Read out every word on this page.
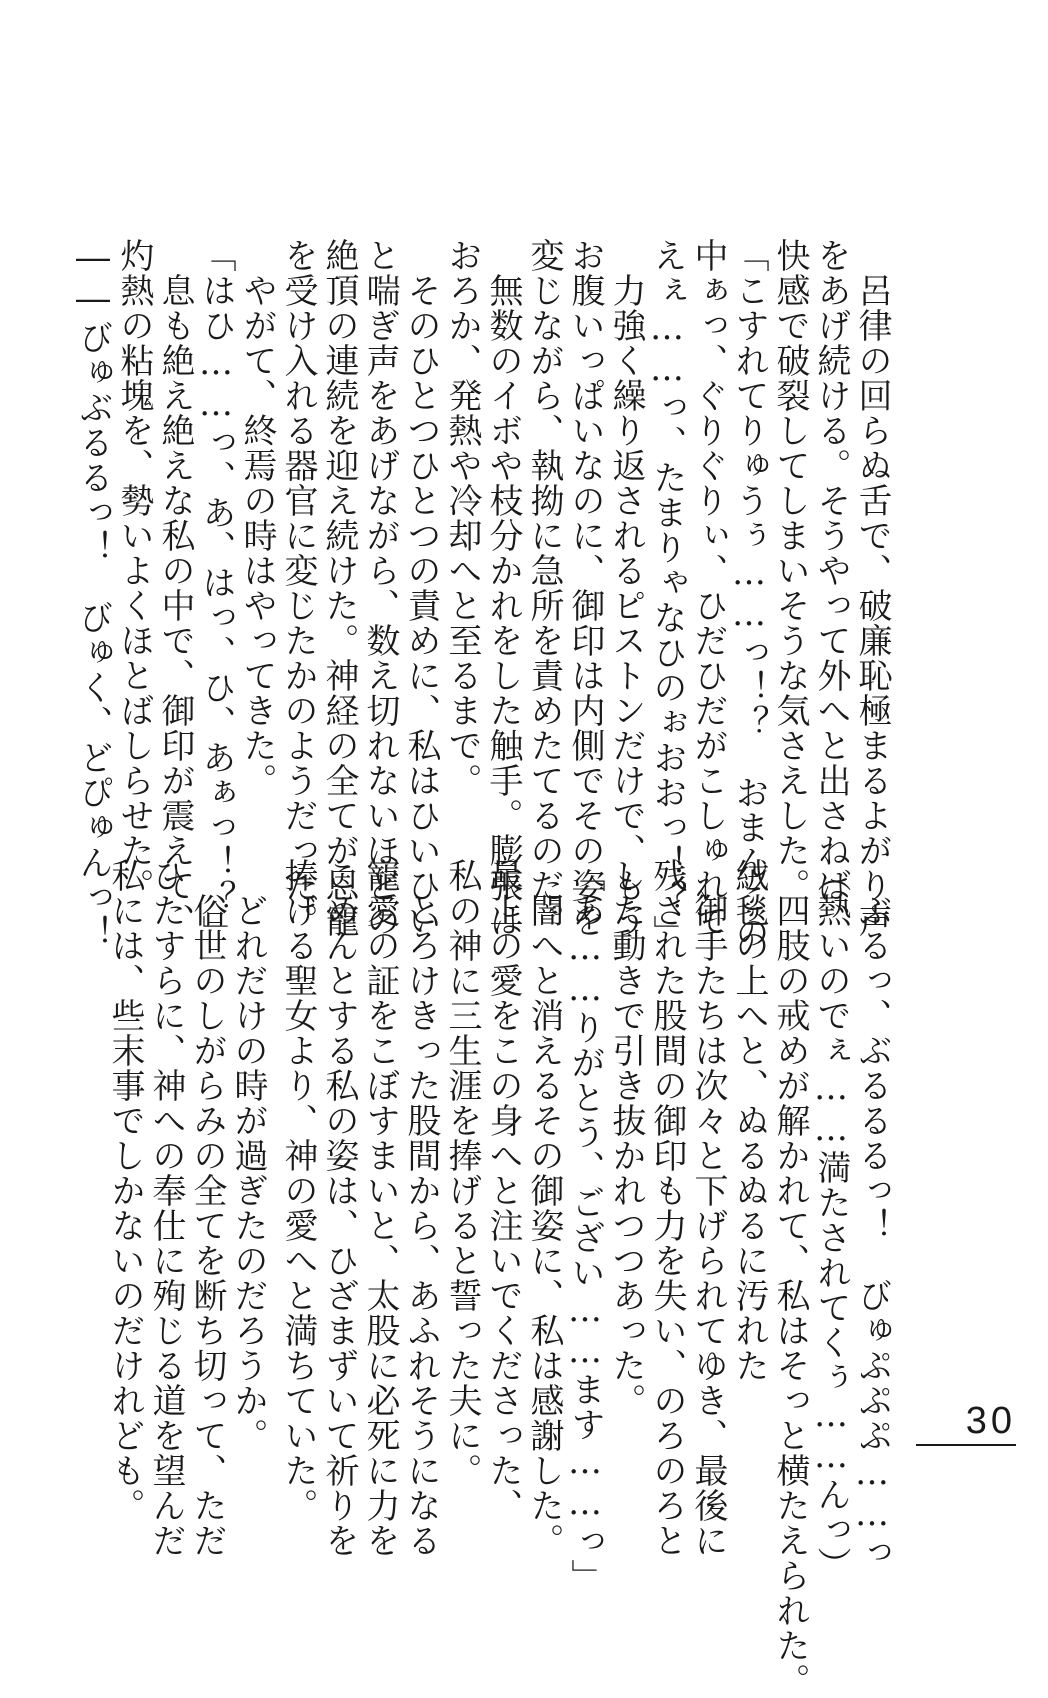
　呂律の回らぬ舌で、破廉恥極まるよがり声
をあげ続ける。そうやって外へと出さねば、
快感で破裂してしまいそうな気さえした。
「こすれてりゅうぅ……っ！？　おまんこの
中ぁっ、ぐりぐりぃ、ひだひだがこしゅれて
えぇ……っ、たまりゃなひのぉおおっ！？」
　力強く繰り返されるピストンだけで、もう
お腹いっぱいなのに、御印は内側でその姿を
変じながら、執拗に急所を責めたてるのだ。
　無数のイボや枝分かれをした触手。膨張は
おろか、発熱や冷却へと至るまで。
　そのひとつひとつの責めに、私はひいひい
と喘ぎ声をあげながら、数え切れないほどの
絶頂の連続を迎え続けた。神経の全てが恩寵
を受け入れる器官に変じたかのようだった。
　やがて、終焉の時はやってきた。
「はひ……っ、あ、はっ、ひ、あぁっ！？」
　息も絶え絶えな私の中で、御印が震えて、
灼熱の粘塊を、勢いよくほとばしらせた。
――びゅぶるるっ！　びゅく、どぴゅんっ！
　ぶるっ、ぶるるるっ！　びゅぷぷぷ……っ
（熱いのでぇ……満たされてくぅ……んっ）
　四肢の戒めが解かれて、私はそっと横たえられた。
絨毯の上へと、ぬるぬるに汚れた
　御手たちは次々と下げられてゆき、最後に
残された股間の御印も力を失い、のろのろと
した動きで引き抜かれつつあった。
「あ……りがとう、ござい……ます……っ」
　闇へと消えるその御姿に、私は感謝した。
最上の愛をこの身へと注いでくださった、
私の神に三生涯を捧げると誓った夫に。
　とろけきった股間から、あふれそうになる
寵愛の証をこぼすまいと、太股に必死に力を
こめんとする私の姿は、ひざまずいて祈りを
捧げる聖女より、神の愛へと満ちていた。
　どれだけの時が過ぎたのだろうか。
　俗世のしがらみの全てを断ち切って、ただ
ひたすらに、神への奉仕に殉じる道を望んだ
私には、些末事でしかないのだけれども。	30
